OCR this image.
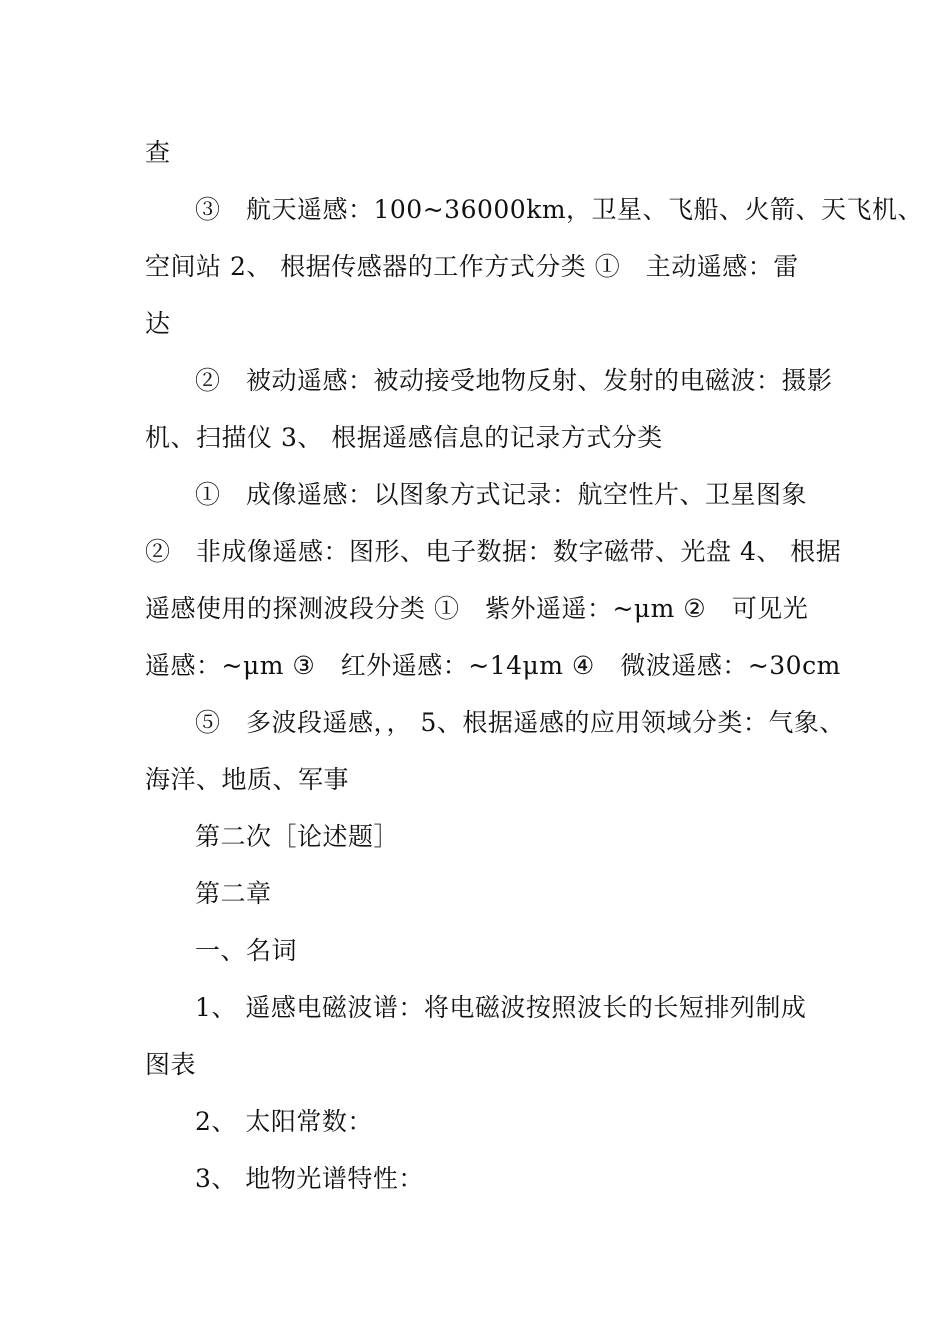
查
③　航天遥感：100~36000km，卫星、飞船、火箭、天飞机、
空间站 2、 根据传感器的工作方式分类 ①　主动遥感：雷
达
②　被动遥感：被动接受地物反射、发射的电磁波：摄影
机、扫描仪 3、 根据遥感信息的记录方式分类
①　成像遥感：以图象方式记录：航空性片、卫星图象
②　非成像遥感：图形、电子数据：数字磁带、光盘 4、 根据
遥感使用的探测波段分类 ①　紫外遥遥：~μm ②　可见光
遥感：~μm ③　红外遥感：~14μm ④　微波遥感：~30cm
⑤　多波段遥感，， 5、根据遥感的应用领域分类：气象、
海洋、地质、军事
第二次［论述题］
第二章
一、名词
1、 遥感电磁波谱：将电磁波按照波长的长短排列制成
图表
2、 太阳常数：
3、 地物光谱特性：
